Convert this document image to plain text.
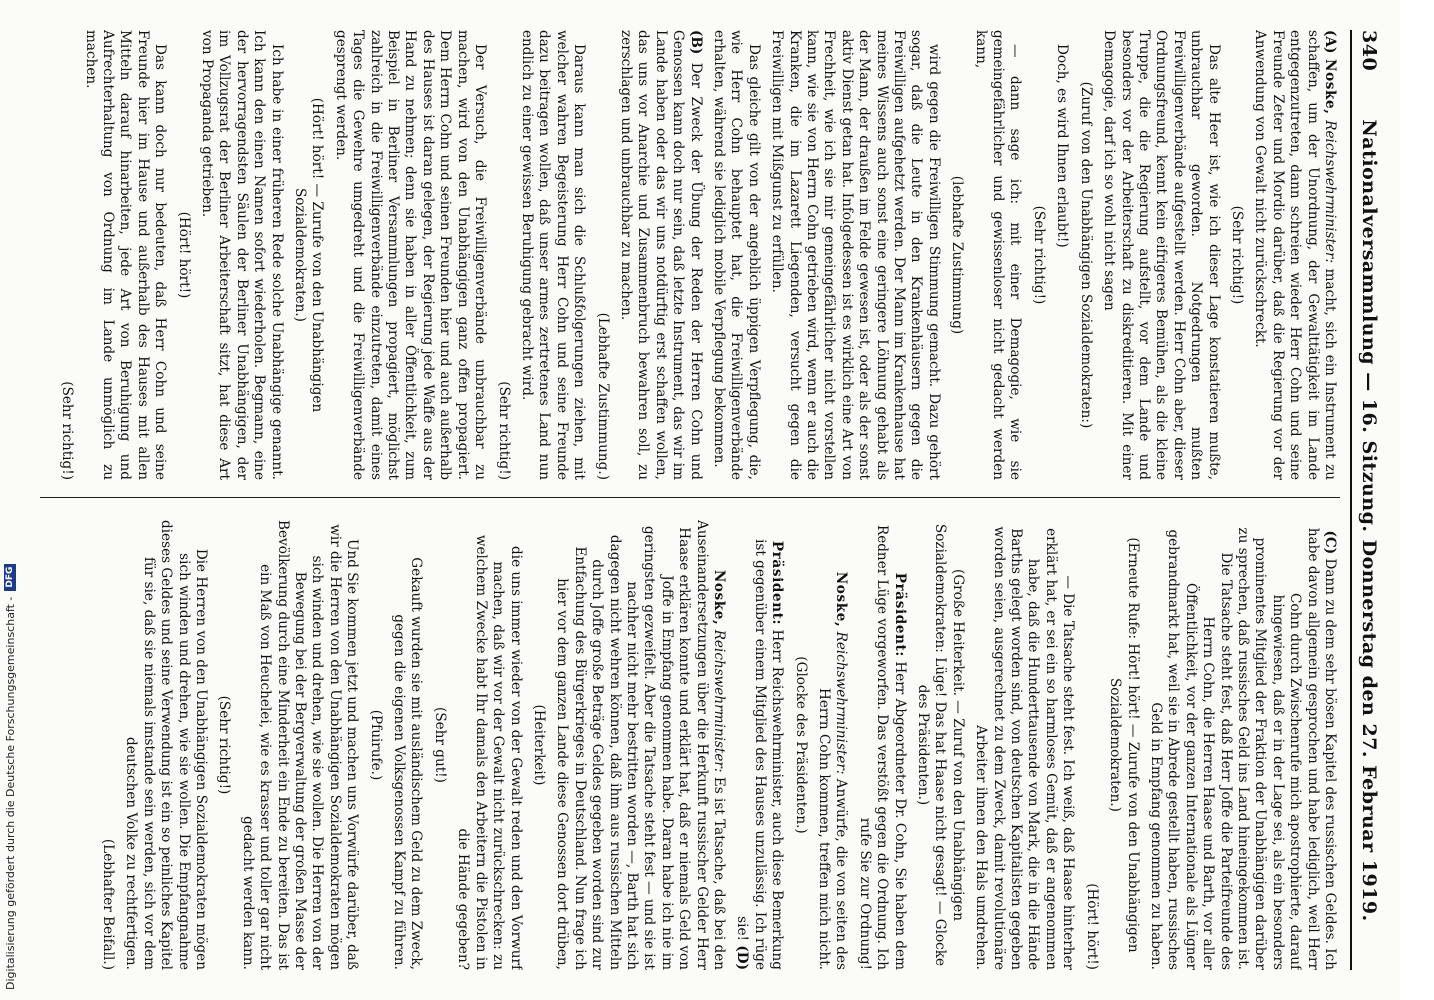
340
Nationalversammlung — 16. Sitzung. Donnerstag den 27. Februar 1919.

(A) Noske, Reichswehrminister: macht, sich ein Instrument zu schaffen, um der Unordnung, der Gewalttätigkeit im Lande entgegenzutreten, dann schreien wieder Herr Cohn und seine Freunde Zeter und Mordio darüber, daß die Regierung vor der Anwendung von Gewalt nicht zurückschreckt.

(Sehr richtig!)

Das alte Heer ist, wie ich dieser Lage konstatieren mußte, unbrauchbar geworden. Notgedrungen mußten Freiwilligenverbände aufgestellt werden. Herr Cohn aber, dieser Ordnungsfreund, kennt kein eifrigeres Bemühen, als die kleine Truppe, die die Regierung aufstellt, vor dem Lande und besonders vor der Arbeiterschaft zu diskreditieren. Mit einer Demagogie, darf ich so wohl nicht sagen

(Zuruf von den Unabhängigen Sozialdemokraten:)

Doch, es wird Ihnen erlaubt!)

(Sehr richtig!)

— dann sage ich: mit einer Demagogie, wie sie gemeingefährlicher und gewissenloser nicht gedacht werden kann,

(lebhafte Zustimmung)

wird gegen die Freiwilligen Stimmung gemacht. Dazu gehört sogar, daß die Leute in den Krankenhäusern gegen die Freiwilligen aufgehetzt werden. Der Mann im Krankenhause hat meines Wissens auch sonst eine geringere Löhnung gehabt als der Mann, der draußen im Felde gewesen ist, oder als der sonst aktiv Dienst getan hat. Infolgedessen ist es wirklich eine Art von Frechheit, wie ich sie mir gemeingefährlicher nicht vorstellen kann, wie sie von Herrn Cohn getrieben wird, wenn er auch die Kranken, die im Lazarett Liegenden, versucht gegen die Freiwilligen mit Mißgunst zu erfüllen.

Das gleiche gilt von der angeblich üppigen Verpflegung, die, wie Herr Cohn behauptet hat, die Freiwilligenverbände erhalten, während sie lediglich mobile Verpflegung bekommen.

(B) Der Zweck der Übung der Reden der Herren Cohn und Genossen kann doch nur sein, daß letzte Instrument, das wir im Lande haben oder das wir uns notdürftig erst schaffen wollen, das uns vor Anarchie und Zusammenbruch bewahren soll, zu zerschlagen und unbrauchbar zu machen.

(Lebhafte Zustimmung.)

Daraus kann man sich die Schlußfolgerungen ziehen, mit welcher wahren Begeisterung Herr Cohn und seine Freunde dazu beitragen wollen, daß unser armes zertretenes Land nun endlich zu einer gewissen Beruhigung gebracht wird.

(Sehr richtig!)

Der Versuch, die Freiwilligenverbände unbrauchbar zu machen, wird von den Unabhängigen ganz offen propagiert. Dem Herrn Cohn und seinen Freunden hier und auch außerhalb des Hauses ist daran gelegen, der Regierung jede Waffe aus der Hand zu nehmen; denn sie haben in aller Öffentlichkeit, zum Beispiel in Berliner Versammlungen propagiert, möglichst zahlreich in die Freiwilligenverbände einzutreten, damit eines Tages die Gewehre umgedreht und die Freiwilligenverbände gesprengt werden.

(Hört! hört! — Zurufe von den Unabhängigen Sozialdemokraten.)

Ich habe in einer früheren Rede solche Unabhängige genannt. Ich kann den einen Namen sofort wiederholen. Begmann, eine der hervorragendsten Säulen der Berliner Unabhängigen, der im Vollzugsrat der Berliner Arbeiterschaft sitzt, hat diese Art von Propaganda getrieben.

(Hört! hört!)

Das kann doch nur bedeuten, daß Herr Cohn und seine Freunde hier im Hause und außerhalb des Hauses mit allen Mitteln darauf hinarbeiten, jede Art von Beruhigung und Aufrechterhaltung von Ordnung im Lande unmöglich zu machen.

(Sehr richtig!)

(C) Dann zu dem sehr bösen Kapitel des russischen Geldes. Ich habe davon allgemein gesprochen und habe lediglich, weil Herr Cohn durch Zwischenrufe mich apostrophierte, darauf hingewiesen, daß er in der Lage sei, als ein besonders prominentes Mitglied der Fraktion der Unabhängigen darüber zu sprechen, daß russisches Geld ins Land hineingekommen ist. Die Tatsache steht fest, daß Herr Joffe die Parteifreunde des Herrn Cohn, die Herren Haase und Barth, vor aller Öffentlichkeit, vor der ganzen Internationale als Lügner gebrandmarkt hat, weil sie in Abrede gestellt haben, russisches Geld in Empfang genommen zu haben.

(Erneute Rufe: Hört! hört! — Zurufe von den Unabhängigen Sozialdemokraten.)

(Hört! hört!)

— Die Tatsache steht fest. Ich weiß, daß Haase hinterher erklärt hat, er sei ein so harmloses Gemüt, daß er angenommen habe, daß die Hunderttausende von Mark, die in die Hände Barths gelegt worden sind, von deutschen Kapitalisten gegeben worden seien, ausgerechnet zu dem Zweck, damit revolutionäre Arbeiter ihnen den Hals umdrehen.

(Große Heiterkeit. — Zuruf von den Unabhängigen Sozialdemokraten: Lüge! Das hat Haase nicht gesagt! — Glocke des Präsidenten.)

Präsident: Herr Abgeordneter Dr. Cohn, Sie haben dem Redner Lüge vorgeworfen. Das verstößt gegen die Ordnung. Ich rufe Sie zur Ordnung!

Noske, Reichswehrminister: Anwürfe, die von seiten des Herrn Cohn kommen, treffen mich nicht.

(Glocke des Präsidenten.)

Präsident: Herr Reichswehrminister, auch diese Bemerkung ist gegenüber einem Mitglied des Hauses unzulässig. Ich rüge sie! (D)

Noske, Reichswehrminister: Es ist Tatsache, daß bei den Auseinandersetzungen über die Herkunft russischer Gelder Herr Haase erklären konnte und erklärt hat, daß er niemals Geld von Joffe in Empfang genommen habe. Daran habe ich nie im geringsten gezweifelt. Aber die Tatsache steht fest — und sie ist nachher nicht mehr bestritten worden —, Barth hat sich dagegen nicht wehren können, daß ihm aus russischen Mitteln durch Joffe große Beträge Geldes gegeben worden sind zur Entfachung des Bürgerkrieges in Deutschland. Nun frage ich hier vor dem ganzen Lande diese Genossen dort drüben,

(Heiterkeit)

die uns immer wieder von der Gewalt reden und den Vorwurf machen, daß wir vor der Gewalt nicht zurückschrecken: zu welchem Zwecke habt Ihr damals den Arbeitern die Pistolen in die Hände gegeben?

(Sehr gut!)

Gekauft wurden sie mit ausländischem Geld zu dem Zweck, gegen die eigenen Volksgenossen Kampf zu führen.

(Pfuirufe.)

Und Sie kommen jetzt und machen uns Vorwürfe darüber, daß wir die Herren von den Unabhängigen Sozialdemokraten mögen sich winden und drehen, wie sie wollen. Die Herren von der Bewegung bei der Bergverwaltung der großen Masse der Bevölkerung durch eine Minderheit ein Ende zu bereiten. Das ist ein Maß von Heuchelei, wie es krasser und toller gar nicht gedacht werden kann.

(Sehr richtig!)

Die Herren von den Unabhängigen Sozialdemokraten mögen sich winden und drehen, wie sie wollen. Die Empfangnahme dieses Geldes und seine Verwendung ist ein so peinliches Kapitel für sie, daß sie niemals imstande sein werden, sich vor dem deutschen Volke zu rechtfertigen.

(Lebhafter Beifall.)

Digitalisierung gefördert durch die Deutsche Forschungsgemeinschaft -
DFG
